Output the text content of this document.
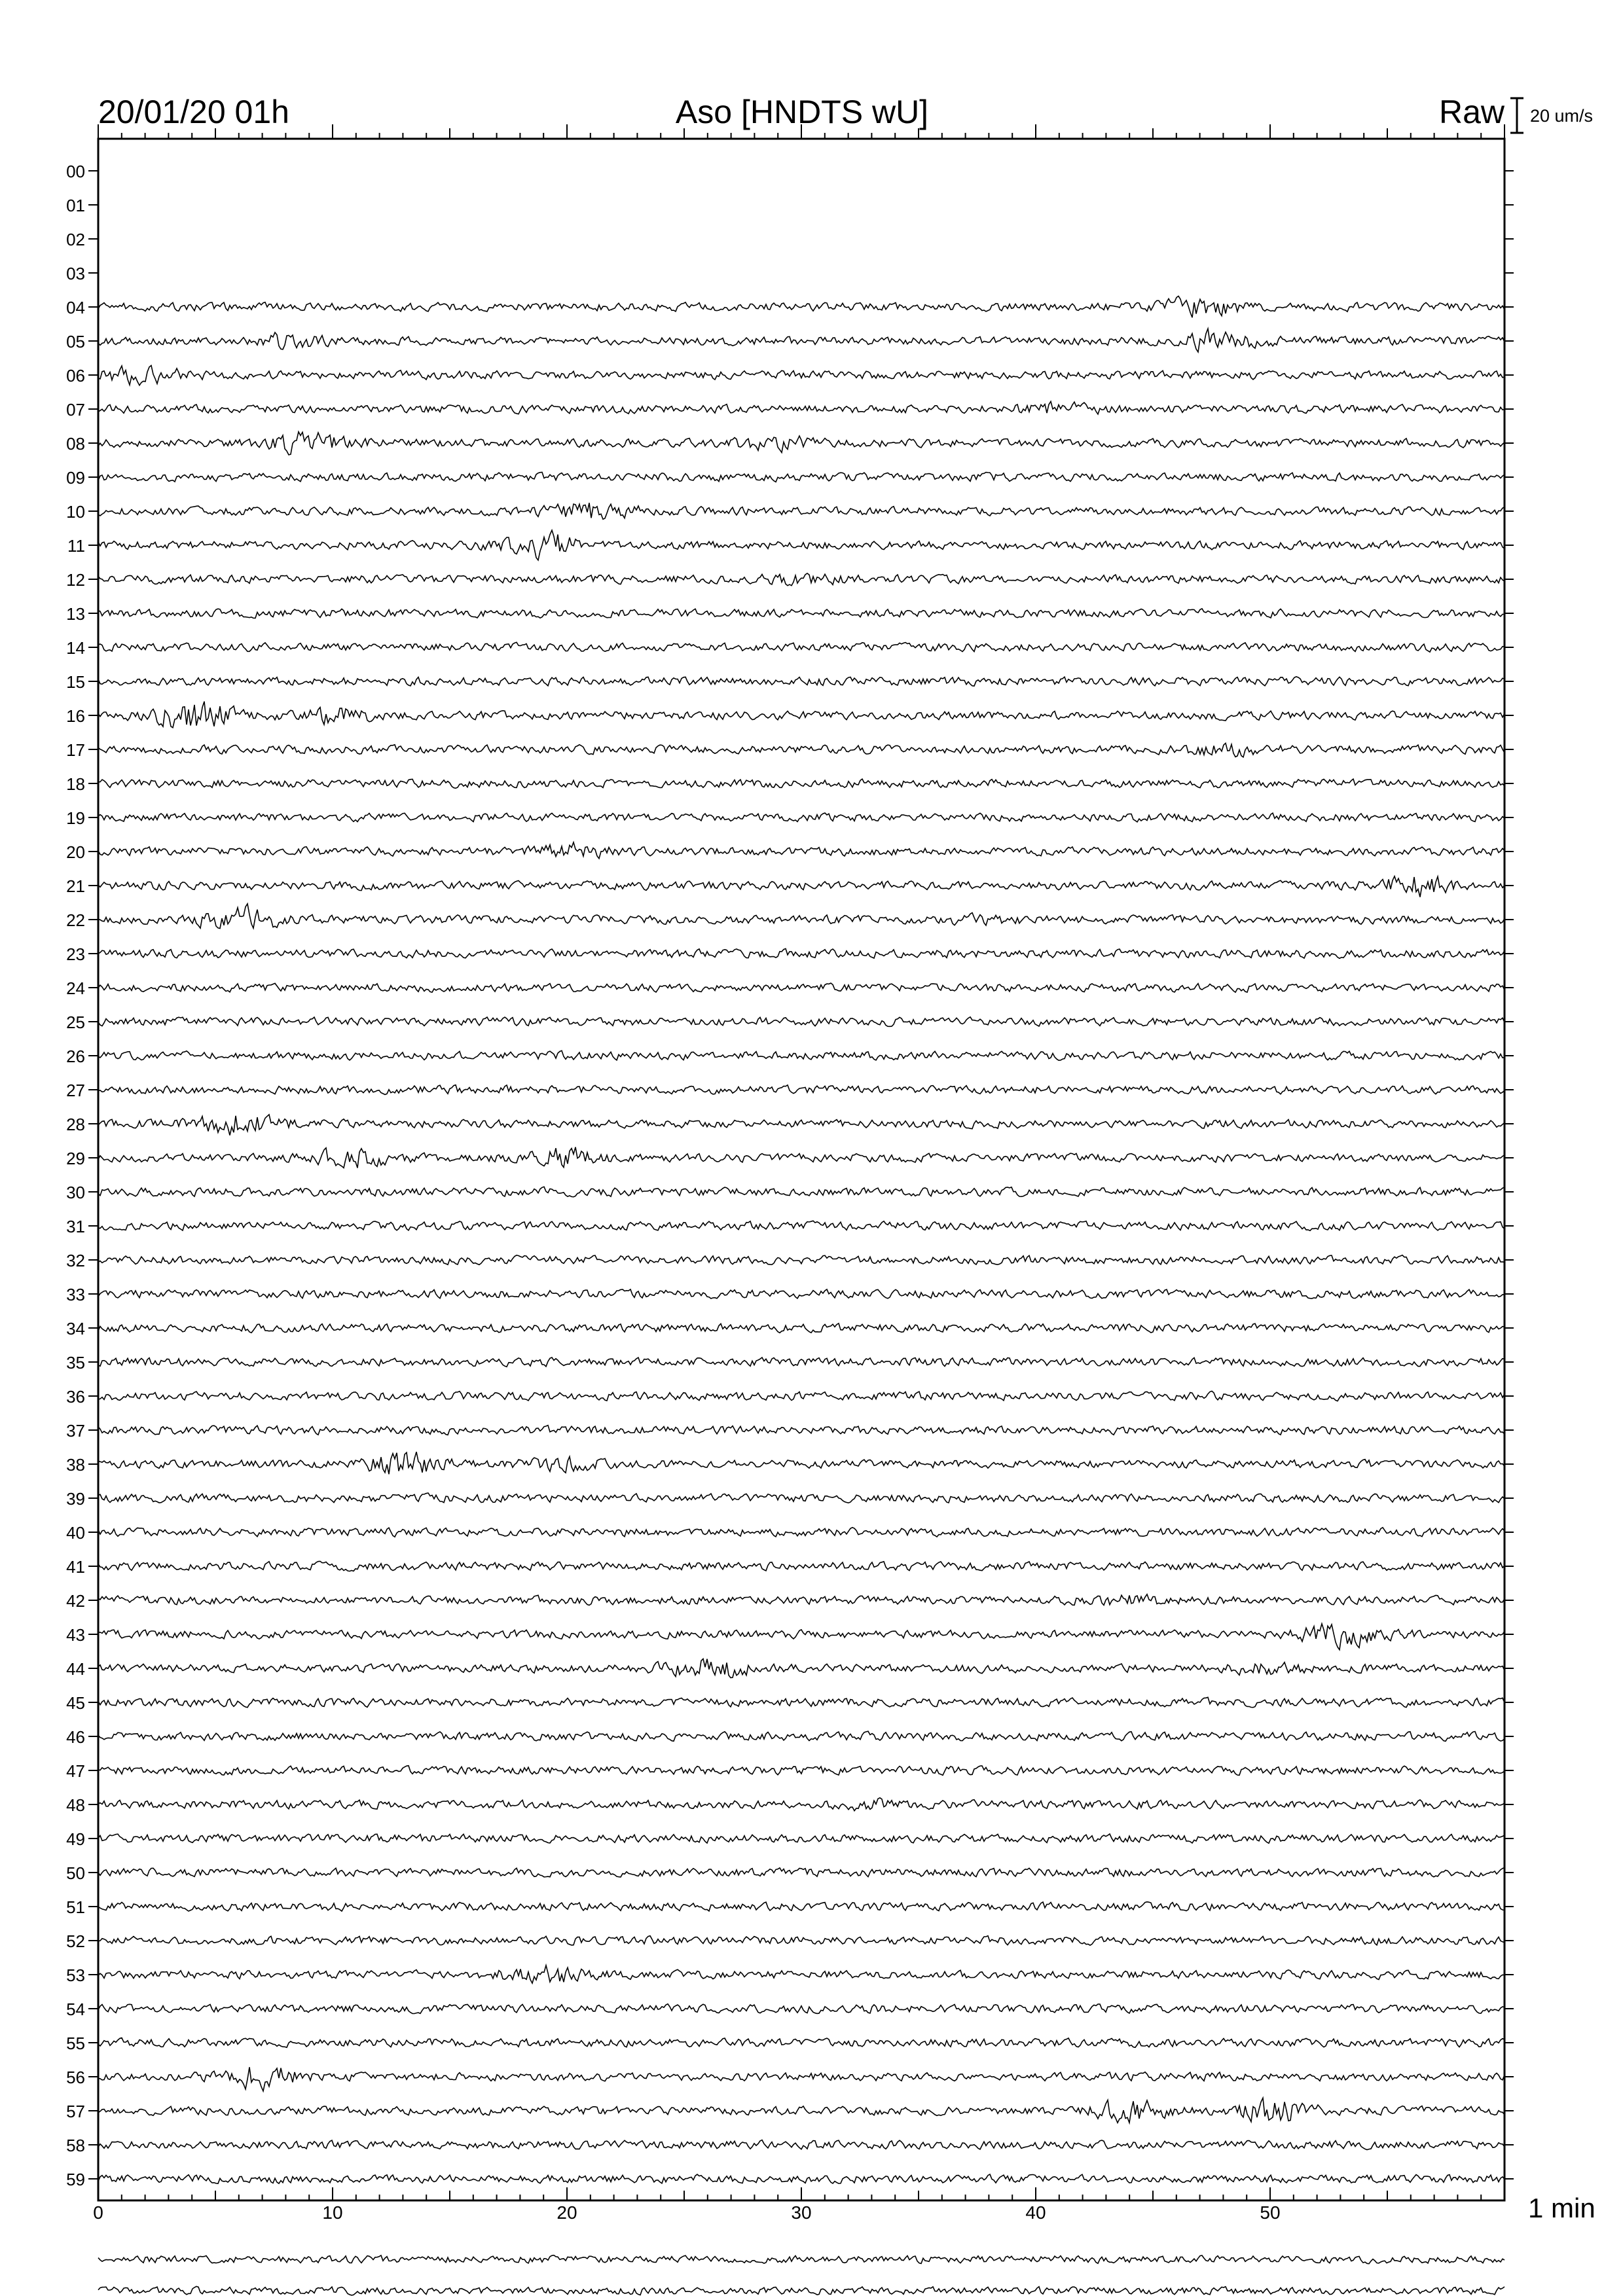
20/01/20 01h	Aso [HNDTS wU]	Raw 20 um/s
00
01
02
03
04
05
06
07
08
09
10
11
12
13
14
15
16
17
18
19
20
21
22
23
24
25
26
27
28
29
30
31
32
33
34
35
36
37
38
39
40
41
42
43
44
45
46
47
48
49
50
51
52
53
54
55
56
57
58
59
0	10	20	30	40	50	1 min
